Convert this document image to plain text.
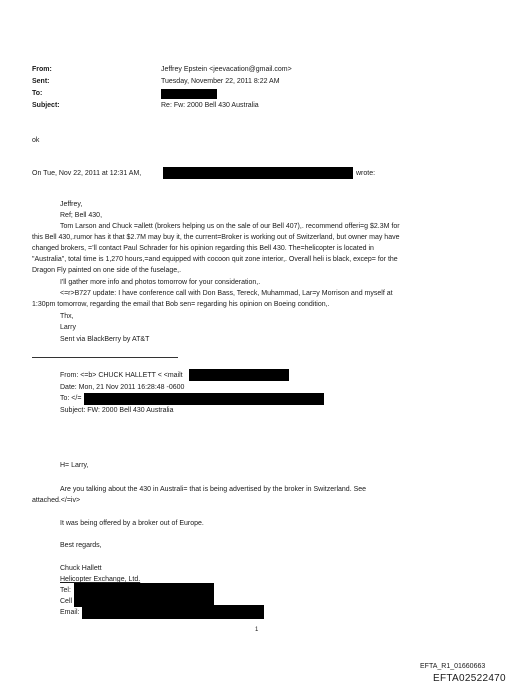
From:
Sent:
To:
Subject:
Jeffrey Epstein <jeevacation@gmail.com>
Tuesday, November 22, 2011 8:22 AM
Re: Fw: 2000 Bell 430 Australia
ok
On Tue, Nov 22, 2011 at 12:31 AM,	wrote:
Jeffrey,
Ref; Bell 430,
Tom Larson and Chuck =allett (brokers helping us on the sale of our Bell 407),. recommend offeri=g $2.3M for
this Bell 430,.rumor has it that $2.7M may buy it, the current=Broker is working out of Switzerland, but owner may have
changed brokers, =’ll contact Paul Schrader for his opinion regarding this Bell 430. The=helicopter is located in
"Australia", total time is 1,270 hours,=and equipped with cocoon quit zone interior,. Overall heli is black, excep= for the
Dragon Fly painted on one side of the fuselage,.
I'll gather more info and photos tomorrow for your consideration,.
<=r>B727 update: I have conference call with Don Bass, Tereck, Muhammad, Lar=y Morrison and myself at
1:30pm tomorrow, regarding the email that Bob sen= regarding his opinion on Boeing condition,.
Thx,
Larry
Sent via BlackBerry by AT&T
From: <=b> CHUCK HALLETT < <mailt
Date: Mon, 21 Nov 2011 16:28:48 -0600
To: </=
Subject: FW: 2000 Bell 430 Australia
H= Larry,
Are you talking about the 430 in Australi= that is being advertised by the broker in Switzerland. See
attached.</=iv>
It was being offered by a broker out of Europe.
Best regards,
Chuck Hallett
Helicopter Exchange, Ltd.
Tel:
Cell
Email:
1
EFTA_R1_01660663
EFTA02522470
